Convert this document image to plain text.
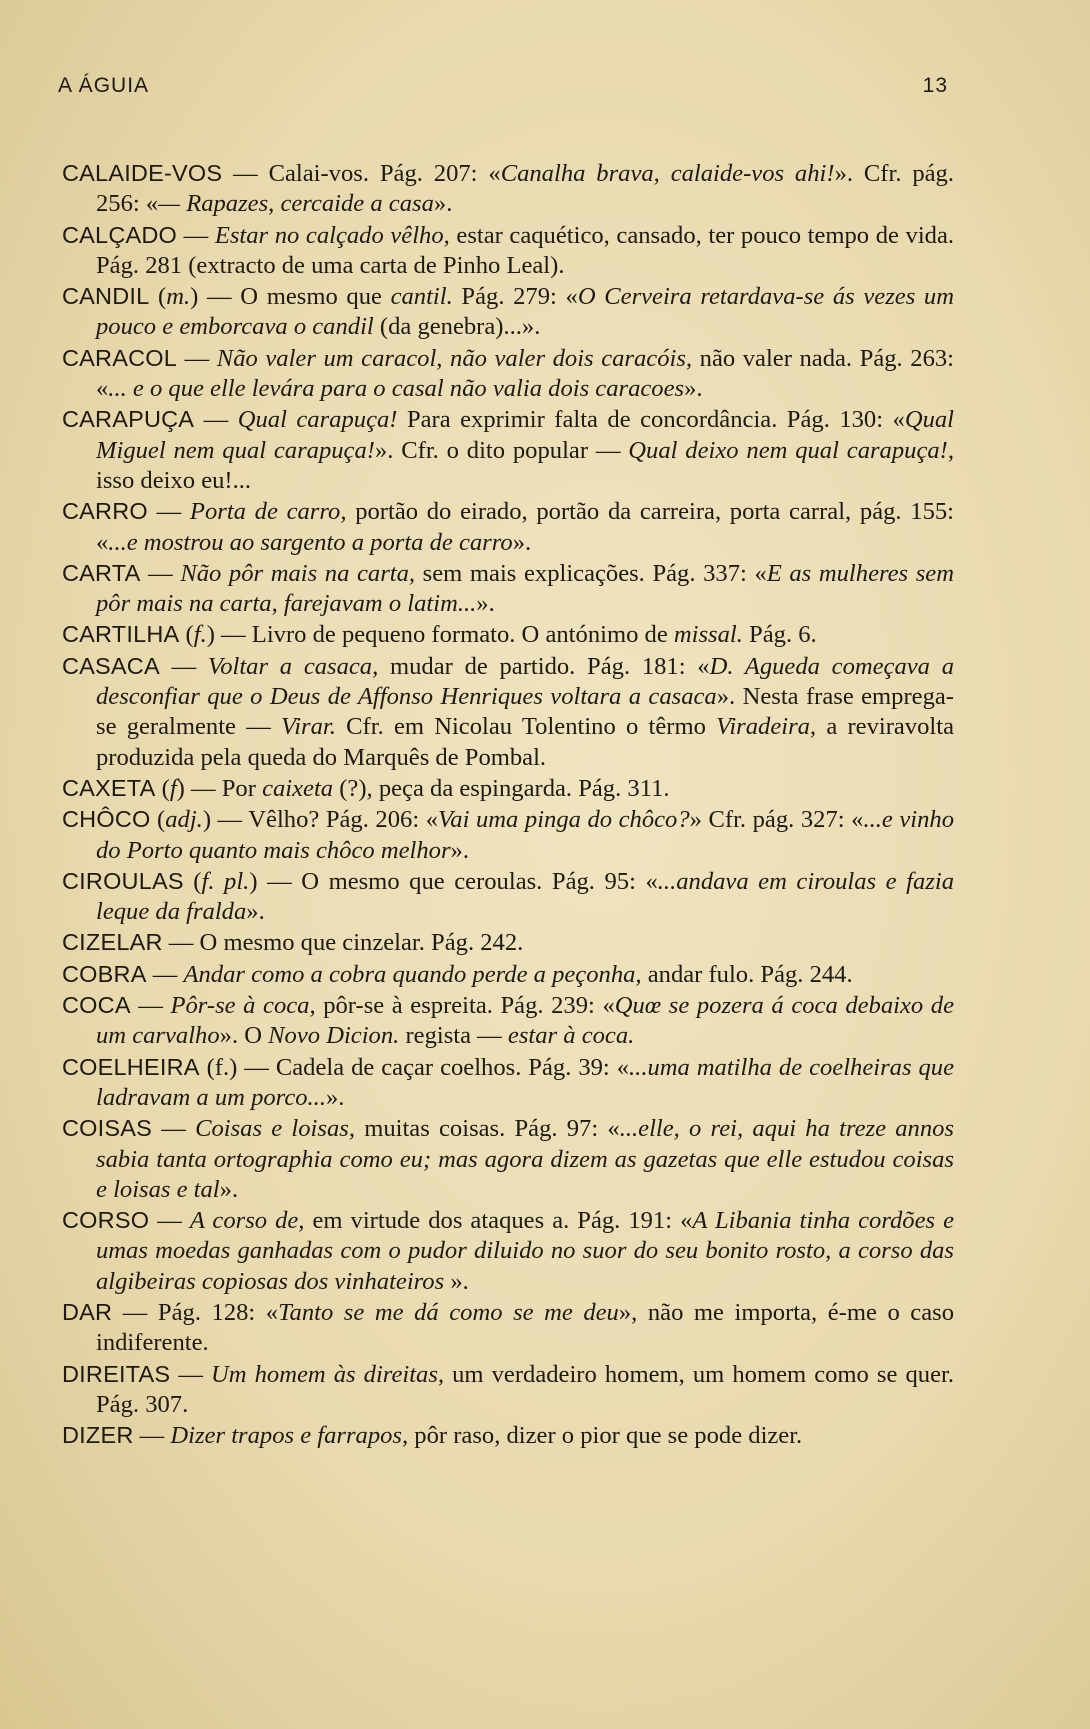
A ÁGUIA	13

CALAIDE-VOS — Calai-vos. Pág. 207: «Canalha brava, calaide-vos ahi!». Cfr. pág. 256: «— Rapazes, cercaide a casa».

CALÇADO — Estar no calçado vêlho, estar caquético, cansado, ter pouco tempo de vida. Pág. 281 (extracto de uma carta de Pinho Leal).

CANDIL (m.) — O mesmo que cantil. Pág. 279: «O Cerveira retardava-se ás vezes um pouco e emborcava o candil (da genebra)...».

CARACOL — Não valer um caracol, não valer dois caracóis, não valer nada. Pág. 263: «... e o que elle levára para o casal não valia dois caracoes».

CARAPUÇA — Qual carapuça! Para exprimir falta de concordância. Pág. 130: «Qual Miguel nem qual carapuça!». Cfr. o dito popular — Qual deixo nem qual carapuça!, isso deixo eu!...

CARRO — Porta de carro, portão do eirado, portão da carreira, porta carral, pág. 155: «...e mostrou ao sargento a porta de carro».

CARTA — Não pôr mais na carta, sem mais explicações. Pág. 337: «E as mulheres sem pôr mais na carta, farejavam o latim...».

CARTILHA (f.) — Livro de pequeno formato. O antónimo de missal. Pág. 6.

CASACA — Voltar a casaca, mudar de partido. Pág. 181: «D. Agueda começava a desconfiar que o Deus de Affonso Henriques voltara a casaca». Nesta frase emprega-se geralmente — Virar. Cfr. em Nicolau Tolentino o têrmo Viradeira, a reviravolta produzida pela queda do Marquês de Pombal.

CAXETA (f) — Por caixeta (?), peça da espingarda. Pág. 311.

CHÔCO (adj.) — Vêlho? Pág. 206: «Vai uma pinga do chôco?» Cfr. pág. 327: «...e vinho do Porto quanto mais chôco melhor».

CIROULAS (f. pl.) — O mesmo que ceroulas. Pág. 95: «...andava em ciroulas e fazia leque da fralda».

CIZELAR — O mesmo que cinzelar. Pág. 242.

COBRA — Andar como a cobra quando perde a peçonha, andar fulo. Pág. 244.

COCA — Pôr-se à coca, pôr-se à espreita. Pág. 239: «Quœ se pozera á coca debaixo de um carvalho». O Novo Dicion. regista — estar à coca.

COELHEIRA (f.) — Cadela de caçar coelhos. Pág. 39: «...uma matilha de coelheiras que ladravam a um porco...».

COISAS — Coisas e loisas, muitas coisas. Pág. 97: «...elle, o rei, aqui ha treze annos sabia tanta ortographia como eu; mas agora dizem as gazetas que elle estudou coisas e loisas e tal».

CORSO — A corso de, em virtude dos ataques a. Pág. 191: «A Libania tinha cordões e umas moedas ganhadas com o pudor diluido no suor do seu bonito rosto, a corso das algibeiras copiosas dos vinhateiros ».

DAR — Pág. 128: «Tanto se me dá como se me deu», não me importa, é-me o caso indiferente.

DIREITAS — Um homem às direitas, um verdadeiro homem, um homem como se quer. Pág. 307.

DIZER — Dizer trapos e farrapos, pôr raso, dizer o pior que se pode dizer.
